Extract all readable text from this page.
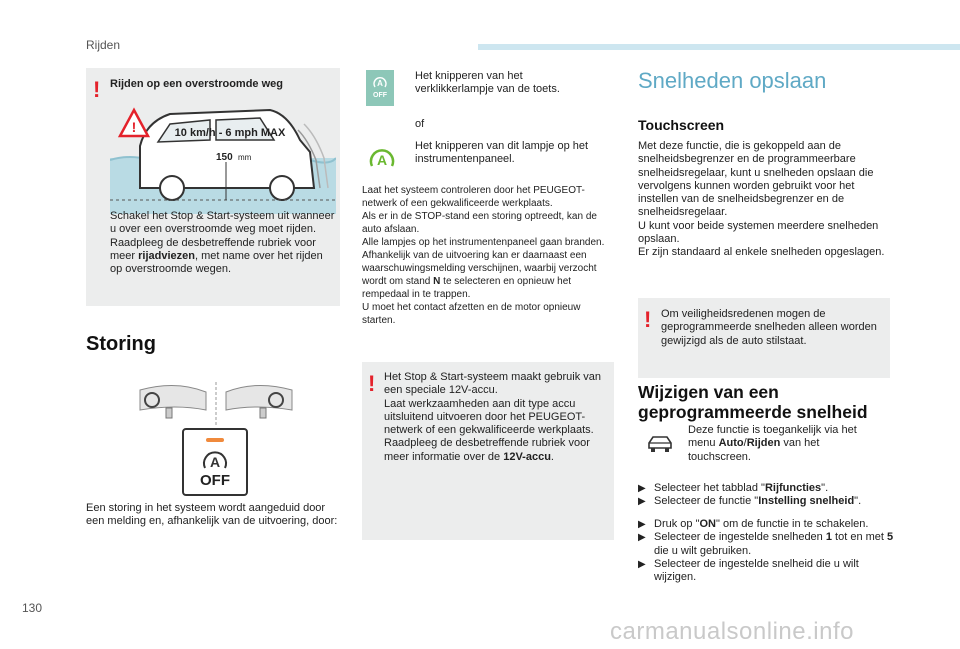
Rijden
! Rijden op een overstroomde weg
!	10 km/h - 6 mph MAX
150 mm
Schakel het Stop & Start-systeem uit wanneer u over een overstroomde weg moet rijden.
Raadpleeg de desbetreffende rubriek voor meer rijadviezen, met name over het rijden op overstroomde wegen.
Storing
A
OFF
Een storing in het systeem wordt aangeduid door een melding en, afhankelijk van de uitvoering, door:
A
OFF
Het knipperen van het verklikkerlampje van de toets.
of
A
Het knipperen van dit lampje op het instrumentenpaneel.
Laat het systeem controleren door het PEUGEOT-netwerk of een gekwalificeerde werkplaats.
Als er in de STOP-stand een storing optreedt, kan de auto afslaan.
Alle lampjes op het instrumentenpaneel gaan branden.
Afhankelijk van de uitvoering kan er daarnaast een waarschuwingsmelding verschijnen, waarbij verzocht wordt om stand N te selecteren en opnieuw het rempedaal in te trappen.
U moet het contact afzetten en de motor opnieuw starten.
! Het Stop & Start-systeem maakt gebruik van een speciale 12V-accu.
Laat werkzaamheden aan dit type accu uitsluitend uitvoeren door het PEUGEOT-netwerk of een gekwalificeerde werkplaats.
Raadpleeg de desbetreffende rubriek voor meer informatie over de 12V-accu.
Snelheden opslaan
Touchscreen
Met deze functie, die is gekoppeld aan de snelheidsbegrenzer en de programmeerbare snelheidsregelaar, kunt u snelheden opslaan die vervolgens kunnen worden gebruikt voor het instellen van de snelheidsbegrenzer en de snelheidsregelaar.
U kunt voor beide systemen meerdere snelheden opslaan.
Er zijn standaard al enkele snelheden opgeslagen.
! Om veiligheidsredenen mogen de geprogrammeerde snelheden alleen worden gewijzigd als de auto stilstaat.
Wijzigen van een
geprogrammeerde snelheid
Deze functie is toegankelijk via het menu Auto/Rijden van het touchscreen.
▶ Selecteer het tabblad "Rijfuncties".
▶ Selecteer de functie "Instelling snelheid".
▶ Druk op "ON" om de functie in te schakelen.
▶ Selecteer de ingestelde snelheden 1 tot en met 5 die u wilt gebruiken.
▶ Selecteer de ingestelde snelheid die u wilt wijzigen.
130
carmanualsonline.info
